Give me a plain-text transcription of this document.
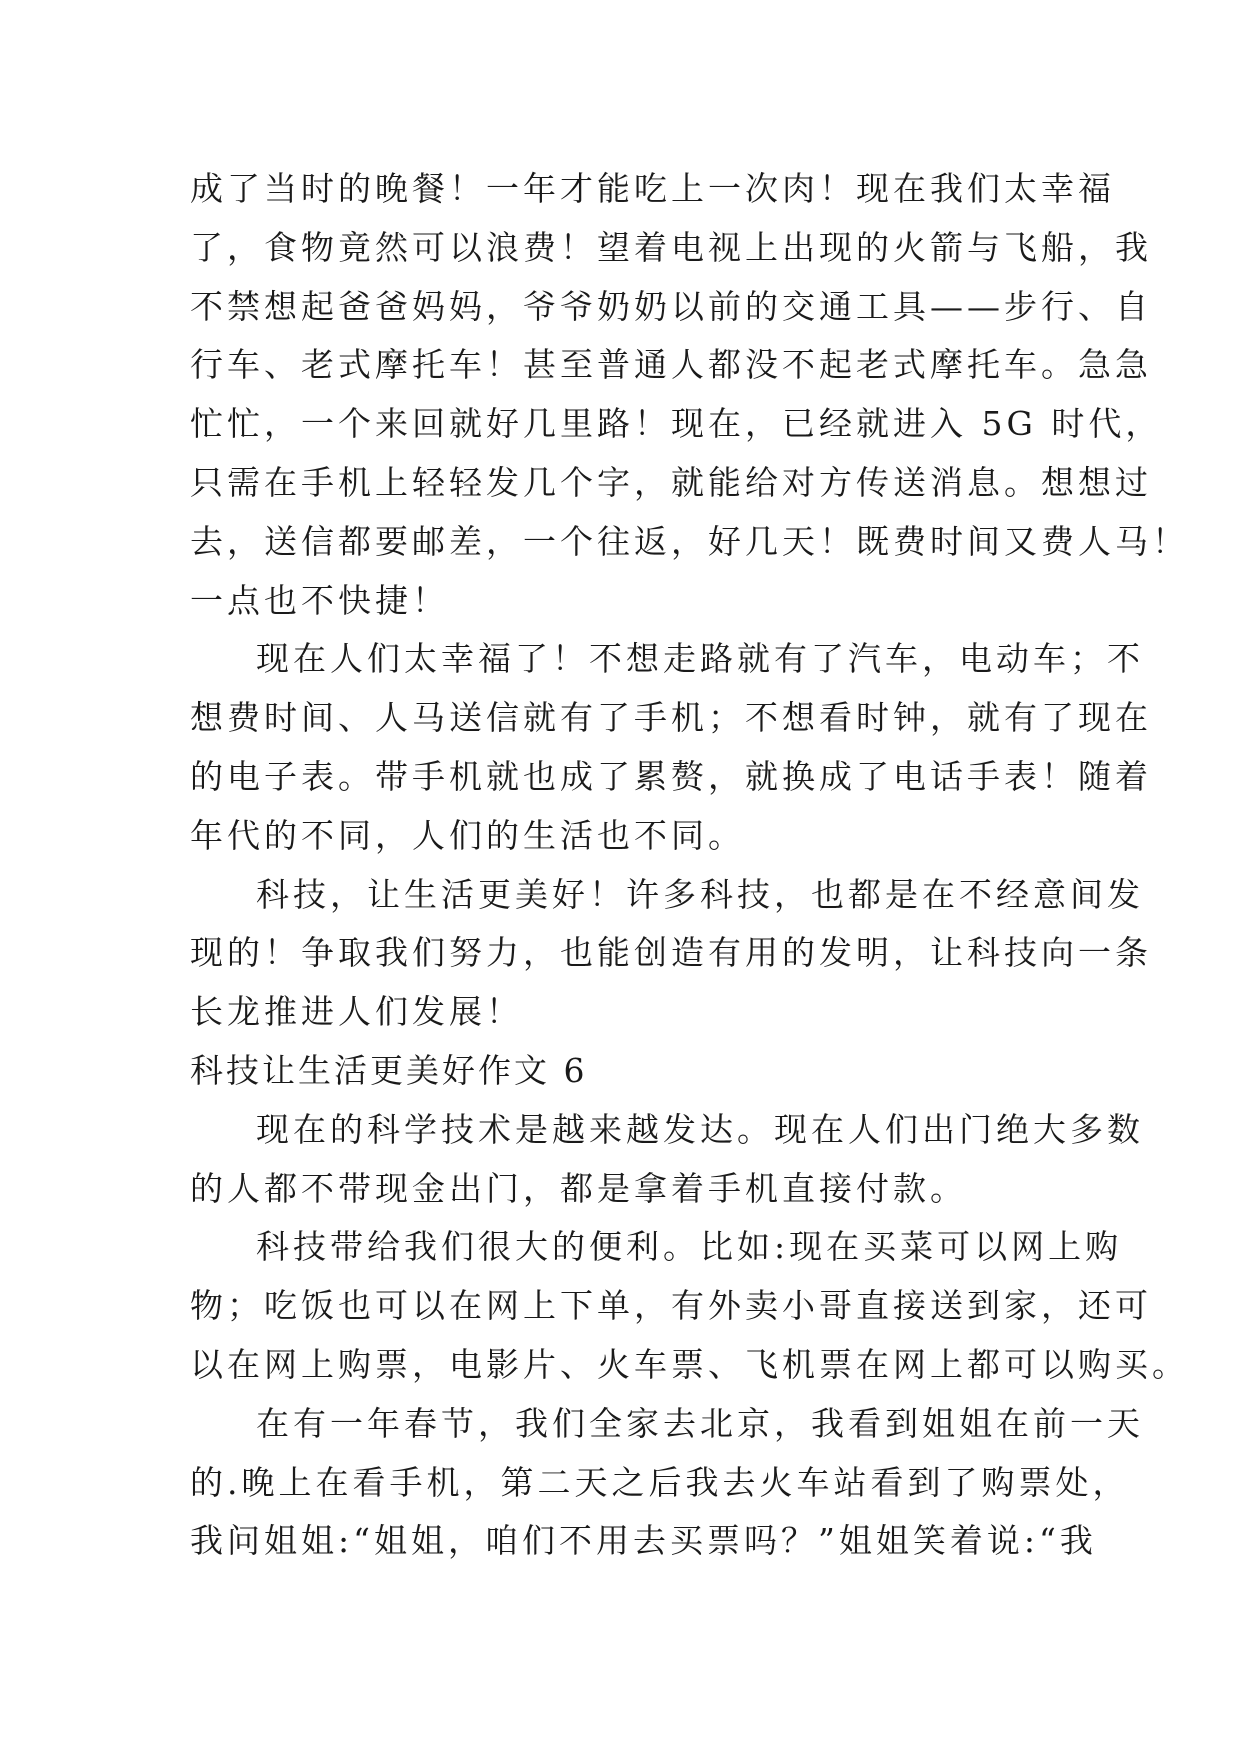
成了当时的晚餐！一年才能吃上一次肉！现在我们太幸福
了，食物竟然可以浪费！望着电视上出现的火箭与飞船，我
不禁想起爸爸妈妈，爷爷奶奶以前的交通工具——步行、自
行车、老式摩托车！甚至普通人都没不起老式摩托车。急急
忙忙，一个来回就好几里路！现在，已经就进入 5G 时代，
只需在手机上轻轻发几个字，就能给对方传送消息。想想过
去，送信都要邮差，一个往返，好几天！既费时间又费人马！
一点也不快捷！
现在人们太幸福了！不想走路就有了汽车，电动车；不
想费时间、人马送信就有了手机；不想看时钟，就有了现在
的电子表。带手机就也成了累赘，就换成了电话手表！随着
年代的不同，人们的生活也不同。
科技，让生活更美好！许多科技，也都是在不经意间发
现的！争取我们努力，也能创造有用的发明，让科技向一条
长龙推进人们发展！
科技让生活更美好作文 6
现在的科学技术是越来越发达。现在人们出门绝大多数
的人都不带现金出门，都是拿着手机直接付款。
科技带给我们很大的便利。比如:现在买菜可以网上购
物；吃饭也可以在网上下单，有外卖小哥直接送到家，还可
以在网上购票，电影片、火车票、飞机票在网上都可以购买。
在有一年春节，我们全家去北京，我看到姐姐在前一天
的.晚上在看手机，第二天之后我去火车站看到了购票处，
我问姐姐:“姐姐，咱们不用去买票吗？”姐姐笑着说:“我
